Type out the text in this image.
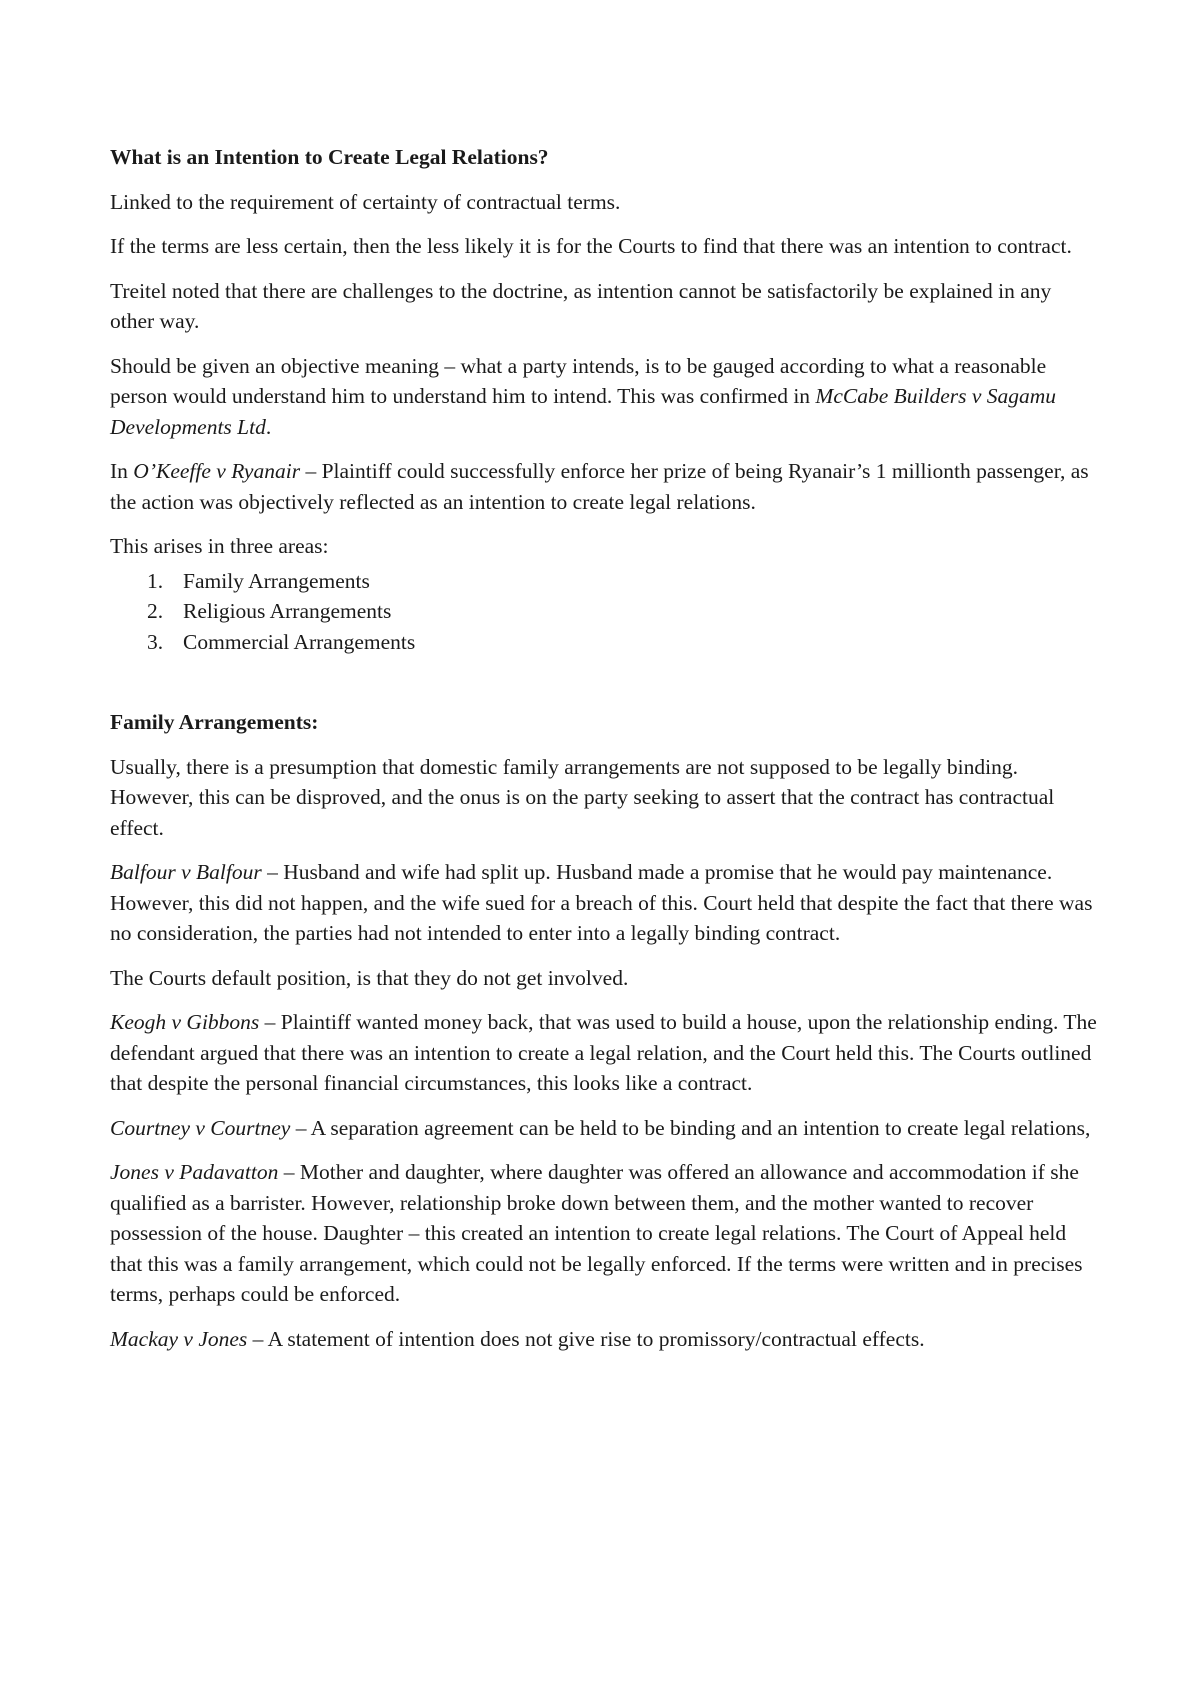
What is an Intention to Create Legal Relations?

Linked to the requirement of certainty of contractual terms.

If the terms are less certain, then the less likely it is for the Courts to find that there was an intention to contract.

Treitel noted that there are challenges to the doctrine, as intention cannot be satisfactorily be explained in any other way.

Should be given an objective meaning – what a party intends, is to be gauged according to what a reasonable person would understand him to understand him to intend. This was confirmed in McCabe Builders v Sagamu Developments Ltd.

In O’Keeffe v Ryanair – Plaintiff could successfully enforce her prize of being Ryanair’s 1 millionth passenger, as the action was objectively reflected as an intention to create legal relations.

This arises in three areas:

1. Family Arrangements
2. Religious Arrangements
3. Commercial Arrangements
Family Arrangements:

Usually, there is a presumption that domestic family arrangements are not supposed to be legally binding. However, this can be disproved, and the onus is on the party seeking to assert that the contract has contractual effect.

Balfour v Balfour – Husband and wife had split up. Husband made a promise that he would pay maintenance. However, this did not happen, and the wife sued for a breach of this. Court held that despite the fact that there was no consideration, the parties had not intended to enter into a legally binding contract.

The Courts default position, is that they do not get involved.

Keogh v Gibbons – Plaintiff wanted money back, that was used to build a house, upon the relationship ending. The defendant argued that there was an intention to create a legal relation, and the Court held this. The Courts outlined that despite the personal financial circumstances, this looks like a contract.

Courtney v Courtney – A separation agreement can be held to be binding and an intention to create legal relations,

Jones v Padavatton – Mother and daughter, where daughter was offered an allowance and accommodation if she qualified as a barrister. However, relationship broke down between them, and the mother wanted to recover possession of the house. Daughter – this created an intention to create legal relations. The Court of Appeal held that this was a family arrangement, which could not be legally enforced. If the terms were written and in precises terms, perhaps could be enforced.

Mackay v Jones – A statement of intention does not give rise to promissory/contractual effects.
